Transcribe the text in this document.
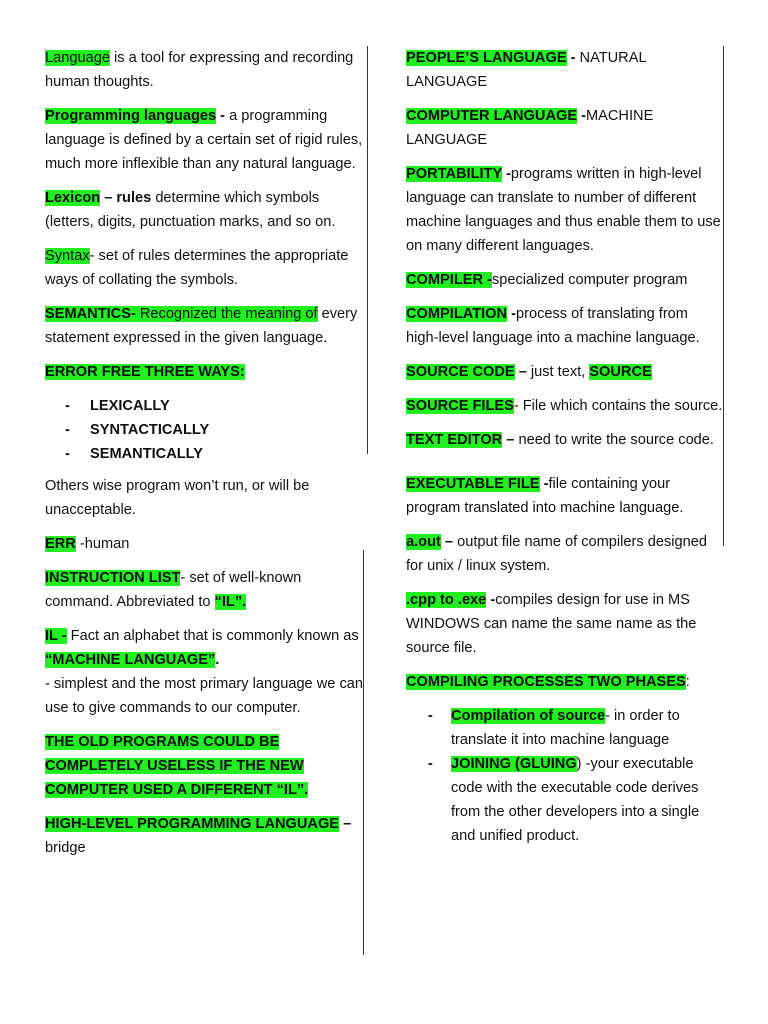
Language is a tool for expressing and recording human thoughts.

Programming languages - a programming language is defined by a certain set of rigid rules, much more inflexible than any natural language.

Lexicon – rules determine which symbols (letters, digits, punctuation marks, and so on.

Syntax- set of rules determines the appropriate ways of collating the symbols.

SEMANTICS- Recognized the meaning of every statement expressed in the given language.

ERROR FREE THREE WAYS:

- LEXICALLY
- SYNTACTICALLY
- SEMANTICALLY

Others wise program won’t run, or will be unacceptable.

ERR -human

INSTRUCTION LIST- set of well-known command. Abbreviated to “IL”.

IL - Fact an alphabet that is commonly known as “MACHINE LANGUAGE”.
- simplest and the most primary language we can use to give commands to our computer.

THE OLD PROGRAMS COULD BE COMPLETELY USELESS IF THE NEW COMPUTER USED A DIFFERENT “IL”.

HIGH-LEVEL PROGRAMMING LANGUAGE – bridge

PEOPLE’S LANGUAGE - NATURAL LANGUAGE

COMPUTER LANGUAGE -MACHINE LANGUAGE

PORTABILITY -programs written in high-level language can translate to number of different machine languages and thus enable them to use on many different languages.

COMPILER -specialized computer program

COMPILATION -process of translating from high-level language into a machine language.

SOURCE CODE – just text, SOURCE

SOURCE FILES- File which contains the source.

TEXT EDITOR – need to write the source code.

EXECUTABLE FILE -file containing your program translated into machine language.

a.out – output file name of compilers designed for unix / linux system.

.cpp to .exe -compiles design for use in MS WINDOWS can name the same name as the source file.

COMPILING PROCESSES TWO PHASES:

- Compilation of source- in order to translate it into machine language
- JOINING (GLUING) -your executable code with the executable code derives from the other developers into a single and unified product.
